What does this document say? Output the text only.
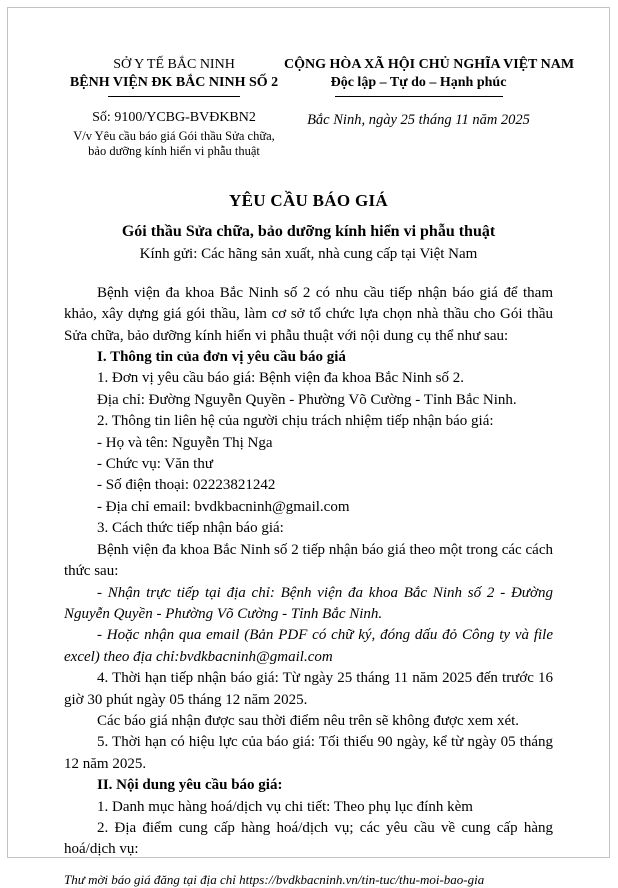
SỞ Y TẾ BẮC NINH
BỆNH VIỆN ĐK BẮC NINH SỐ 2
Số: 9100/YCBG-BVĐKBN2
V/v Yêu cầu báo giá Gói thầu Sửa chữa, bảo dưỡng kính hiển vi phẫu thuật
CỘNG HÒA XÃ HỘI CHỦ NGHĨA VIỆT NAM
Độc lập – Tự do – Hạnh phúc
Bắc Ninh, ngày 25 tháng 11 năm 2025
YÊU CẦU BÁO GIÁ
Gói thầu Sửa chữa, bảo dưỡng kính hiển vi phẫu thuật
Kính gửi: Các hãng sản xuất, nhà cung cấp tại Việt Nam

Bệnh viện đa khoa Bắc Ninh số 2 có nhu cầu tiếp nhận báo giá để tham khảo, xây dựng giá gói thầu, làm cơ sở tổ chức lựa chọn nhà thầu cho Gói thầu Sửa chữa, bảo dưỡng kính hiển vi phẫu thuật với nội dung cụ thể như sau:

I. Thông tin của đơn vị yêu cầu báo giá

1. Đơn vị yêu cầu báo giá: Bệnh viện đa khoa Bắc Ninh số 2.

Địa chỉ: Đường Nguyễn Quyền - Phường Võ Cường - Tỉnh Bắc Ninh.

2. Thông tin liên hệ của người chịu trách nhiệm tiếp nhận báo giá:

- Họ và tên: Nguyễn Thị Nga

- Chức vụ: Văn thư

- Số điện thoại: 02223821242

- Địa chỉ email: bvdkbacninh@gmail.com

3. Cách thức tiếp nhận báo giá:

Bệnh viện đa khoa Bắc Ninh số 2 tiếp nhận báo giá theo một trong các cách thức sau:

- Nhận trực tiếp tại địa chỉ: Bệnh viện đa khoa Bắc Ninh số 2 - Đường Nguyễn Quyền - Phường Võ Cường - Tỉnh Bắc Ninh.

- Hoặc nhận qua email (Bản PDF có chữ ký, đóng dấu đỏ Công ty và file excel) theo địa chỉ:bvdkbacninh@gmail.com

4. Thời hạn tiếp nhận báo giá: Từ ngày 25 tháng 11 năm 2025 đến trước 16 giờ 30 phút ngày 05 tháng 12 năm 2025.

Các báo giá nhận được sau thời điểm nêu trên sẽ không được xem xét.

5. Thời hạn có hiệu lực của báo giá: Tối thiểu 90 ngày, kể từ ngày 05 tháng 12 năm 2025.

II. Nội dung yêu cầu báo giá:

1. Danh mục hàng hoá/dịch vụ chi tiết: Theo phụ lục đính kèm

2. Địa điểm cung cấp hàng hoá/dịch vụ; các yêu cầu về cung cấp hàng hoá/dịch vụ:

Thư mời báo giá đăng tại địa chỉ https://bvdkbacninh.vn/tin-tuc/thu-moi-bao-gia
